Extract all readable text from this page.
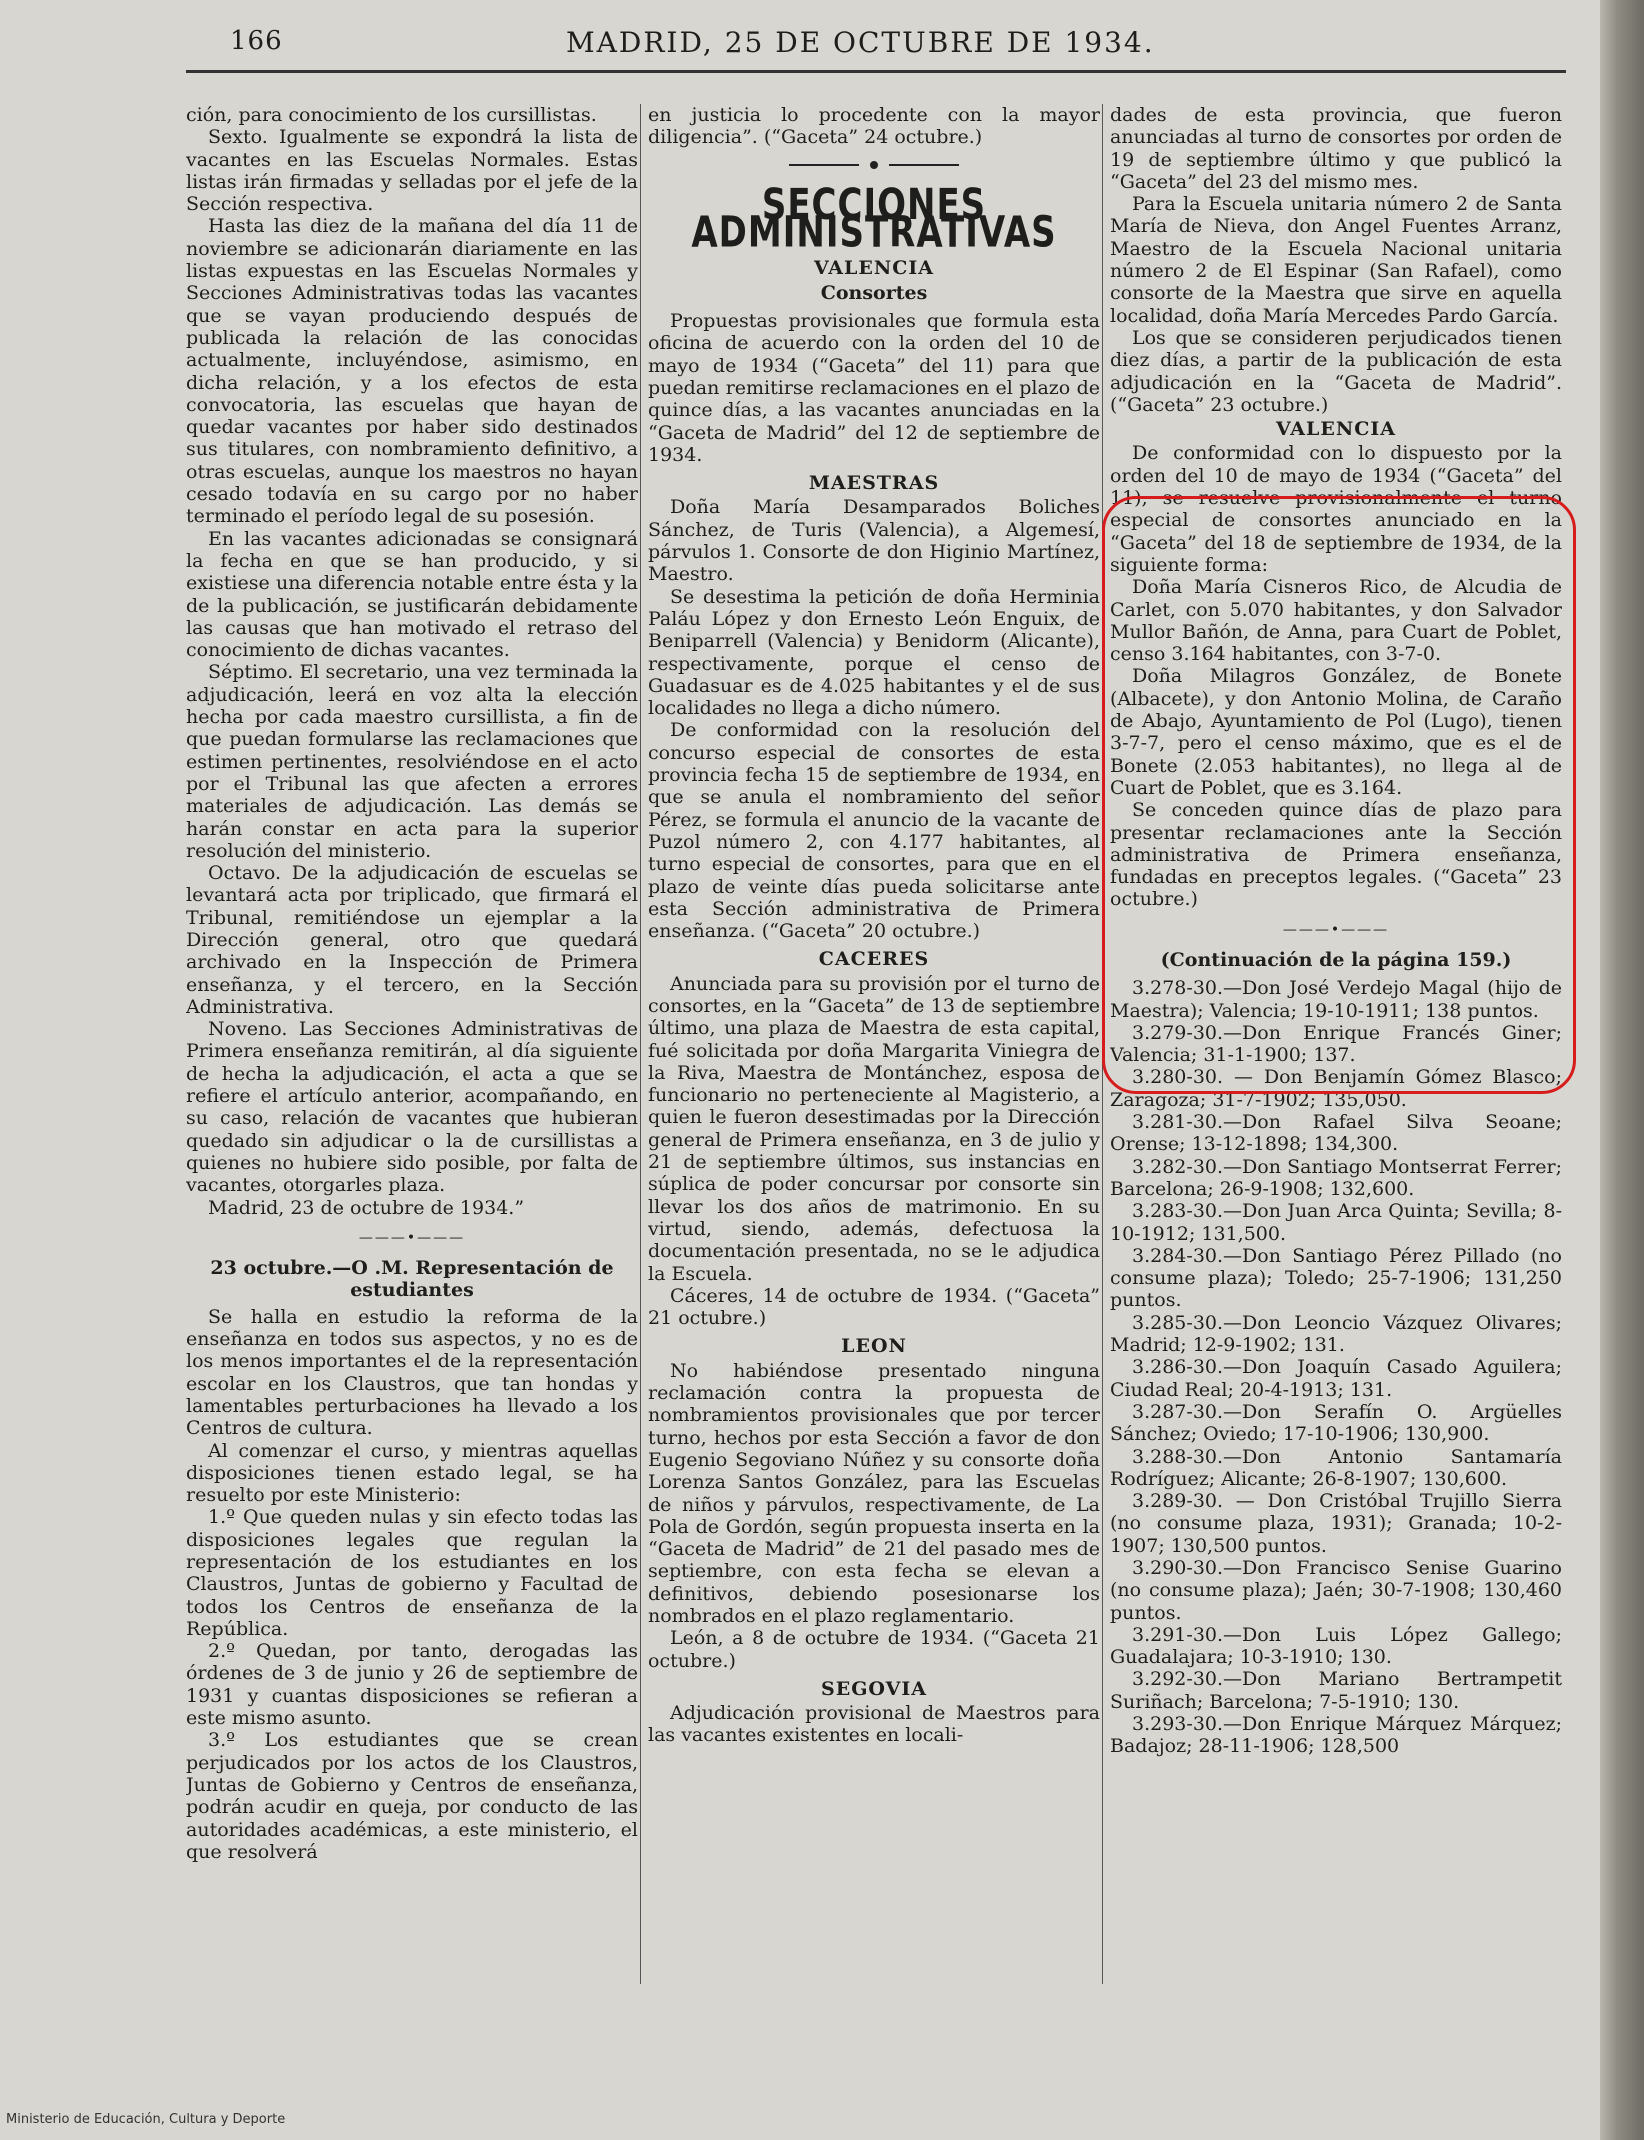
166	MADRID, 25 DE OCTUBRE DE 1934.

ción, para conocimiento de los cursillistas.

Sexto. Igualmente se expondrá la lista de vacantes en las Escuelas Normales. Estas listas irán firmadas y selladas por el jefe de la Sección respectiva.

Hasta las diez de la mañana del día 11 de noviembre se adicionarán diariamente en las listas expuestas en las Escuelas Normales y Secciones Administrativas todas las vacantes que se vayan produciendo después de publicada la relación de las conocidas actualmente, incluyéndose, asimismo, en dicha relación, y a los efectos de esta convocatoria, las escuelas que hayan de quedar vacantes por haber sido destinados sus titulares, con nombramiento definitivo, a otras escuelas, aunque los maestros no hayan cesado todavía en su cargo por no haber terminado el período legal de su posesión.

En las vacantes adicionadas se consignará la fecha en que se han producido, y si existiese una diferencia notable entre ésta y la de la publicación, se justificarán debidamente las causas que han motivado el retraso del conocimiento de dichas vacantes.

Séptimo. El secretario, una vez terminada la adjudicación, leerá en voz alta la elección hecha por cada maestro cursillista, a fin de que puedan formularse las reclamaciones que estimen pertinentes, resolviéndose en el acto por el Tribunal las que afecten a errores materiales de adjudicación. Las demás se harán constar en acta para la superior resolución del ministerio.

Octavo. De la adjudicación de escuelas se levantará acta por triplicado, que firmará el Tribunal, remitiéndose un ejemplar a la Dirección general, otro que quedará archivado en la Inspección de Primera enseñanza, y el tercero, en la Sección Administrativa.

Noveno. Las Secciones Administrativas de Primera enseñanza remitirán, al día siguiente de hecha la adjudicación, el acta a que se refiere el artículo anterior, acompañando, en su caso, relación de vacantes que hubieran quedado sin adjudicar o la de cursillistas a quienes no hubiere sido posible, por falta de vacantes, otorgarles plaza.

Madrid, 23 de octubre de 1934.”

———•———
23 octubre.—O .M. Representación de estudiantes

Se halla en estudio la reforma de la enseñanza en todos sus aspectos, y no es de los menos importantes el de la representación escolar en los Claustros, que tan hondas y lamentables perturbaciones ha llevado a los Centros de cultura.

Al comenzar el curso, y mientras aquellas disposiciones tienen estado legal, se ha resuelto por este Ministerio:

1.º Que queden nulas y sin efecto todas las disposiciones legales que regulan la representación de los estudiantes en los Claustros, Juntas de gobierno y Facultad de todos los Centros de enseñanza de la República.

2.º Quedan, por tanto, derogadas las órdenes de 3 de junio y 26 de septiembre de 1931 y cuantas disposiciones se refieran a este mismo asunto.

3.º Los estudiantes que se crean perjudicados por los actos de los Claustros, Juntas de Gobierno y Centros de enseñanza, podrán acudir en queja, por conducto de las autoridades académicas, a este ministerio, el que resolverá

en justicia lo procedente con la mayor diligencia”. (“Gaceta” 24 octubre.)

SECCIONES ADMINISTRATIVAS
VALENCIA
Consortes

Propuestas provisionales que formula esta oficina de acuerdo con la orden del 10 de mayo de 1934 (“Gaceta” del 11) para que puedan remitirse reclamaciones en el plazo de quince días, a las vacantes anunciadas en la “Gaceta de Madrid” del 12 de septiembre de 1934.

MAESTRAS

Doña María Desamparados Boliches Sánchez, de Turis (Valencia), a Algemesí, párvulos 1. Consorte de don Higinio Martínez, Maestro.

Se desestima la petición de doña Herminia Paláu López y don Ernesto León Enguix, de Beniparrell (Valencia) y Benidorm (Alicante), respectivamente, porque el censo de Guadasuar es de 4.025 habitantes y el de sus localidades no llega a dicho número.

De conformidad con la resolución del concurso especial de consortes de esta provincia fecha 15 de septiembre de 1934, en que se anula el nombramiento del señor Pérez, se formula el anuncio de la vacante de Puzol número 2, con 4.177 habitantes, al turno especial de consortes, para que en el plazo de veinte días pueda solicitarse ante esta Sección administrativa de Primera enseñanza. (“Gaceta” 20 octubre.)

CACERES

Anunciada para su provisión por el turno de consortes, en la “Gaceta” de 13 de septiembre último, una plaza de Maestra de esta capital, fué solicitada por doña Margarita Viniegra de la Riva, Maestra de Montánchez, esposa de funcionario no perteneciente al Magisterio, a quien le fueron desestimadas por la Dirección general de Primera enseñanza, en 3 de julio y 21 de septiembre últimos, sus instancias en súplica de poder concursar por consorte sin llevar los dos años de matrimonio. En su virtud, siendo, además, defectuosa la documentación presentada, no se le adjudica la Escuela.

Cáceres, 14 de octubre de 1934. (“Gaceta” 21 octubre.)

LEON

No habiéndose presentado ninguna reclamación contra la propuesta de nombramientos provisionales que por tercer turno, hechos por esta Sección a favor de don Eugenio Segoviano Núñez y su consorte doña Lorenza Santos González, para las Escuelas de niños y párvulos, respectivamente, de La Pola de Gordón, según propuesta inserta en la “Gaceta de Madrid” de 21 del pasado mes de septiembre, con esta fecha se elevan a definitivos, debiendo posesionarse los nombrados en el plazo reglamentario.

León, a 8 de octubre de 1934. (“Gaceta 21 octubre.)

SEGOVIA

Adjudicación provisional de Maestros para las vacantes existentes en locali-

dades de esta provincia, que fueron anunciadas al turno de consortes por orden de 19 de septiembre último y que publicó la “Gaceta” del 23 del mismo mes.

Para la Escuela unitaria número 2 de Santa María de Nieva, don Angel Fuentes Arranz, Maestro de la Escuela Nacional unitaria número 2 de El Espinar (San Rafael), como consorte de la Maestra que sirve en aquella localidad, doña María Mercedes Pardo García.

Los que se consideren perjudicados tienen diez días, a partir de la publicación de esta adjudicación en la “Gaceta de Madrid”. (“Gaceta” 23 octubre.)

VALENCIA

De conformidad con lo dispuesto por la orden del 10 de mayo de 1934 (“Gaceta” del 11), se resuelve provisionalmente el turno especial de consortes anunciado en la “Gaceta” del 18 de septiembre de 1934, de la siguiente forma:

Doña María Cisneros Rico, de Alcudia de Carlet, con 5.070 habitantes, y don Salvador Mullor Bañón, de Anna, para Cuart de Poblet, censo 3.164 habitantes, con 3-7-0.

Doña Milagros González, de Bonete (Albacete), y don Antonio Molina, de Caraño de Abajo, Ayuntamiento de Pol (Lugo), tienen 3-7-7, pero el censo máximo, que es el de Bonete (2.053 habitantes), no llega al de Cuart de Poblet, que es 3.164.

Se conceden quince días de plazo para presentar reclamaciones ante la Sección administrativa de Primera enseñanza, fundadas en preceptos legales. (“Gaceta” 23 octubre.)

———•———
(Continuación de la página 159.)

3.278-30.—Don José Verdejo Magal (hijo de Maestra); Valencia; 19-10-1911; 138 puntos.

3.279-30.—Don Enrique Francés Giner; Valencia; 31-1-1900; 137.

3.280-30. — Don Benjamín Gómez Blasco; Zaragoza; 31-7-1902; 135,050.

3.281-30.—Don Rafael Silva Seoane; Orense; 13-12-1898; 134,300.

3.282-30.—Don Santiago Montserrat Ferrer; Barcelona; 26-9-1908; 132,600.

3.283-30.—Don Juan Arca Quinta; Sevilla; 8-10-1912; 131,500.

3.284-30.—Don Santiago Pérez Pillado (no consume plaza); Toledo; 25-7-1906; 131,250 puntos.

3.285-30.—Don Leoncio Vázquez Olivares; Madrid; 12-9-1902; 131.

3.286-30.—Don Joaquín Casado Aguilera; Ciudad Real; 20-4-1913; 131.

3.287-30.—Don Serafín O. Argüelles Sánchez; Oviedo; 17-10-1906; 130,900.

3.288-30.—Don Antonio Santamaría Rodríguez; Alicante; 26-8-1907; 130,600.

3.289-30. — Don Cristóbal Trujillo Sierra (no consume plaza, 1931); Granada; 10-2-1907; 130,500 puntos.

3.290-30.—Don Francisco Senise Guarino (no consume plaza); Jaén; 30-7-1908; 130,460 puntos.

3.291-30.—Don Luis López Gallego; Guadalajara; 10-3-1910; 130.

3.292-30.—Don Mariano Bertrampetit Suriñach; Barcelona; 7-5-1910; 130.

3.293-30.—Don Enrique Márquez Márquez; Badajoz; 28-11-1906; 128,500

Ministerio de Educación, Cultura y Deporte
